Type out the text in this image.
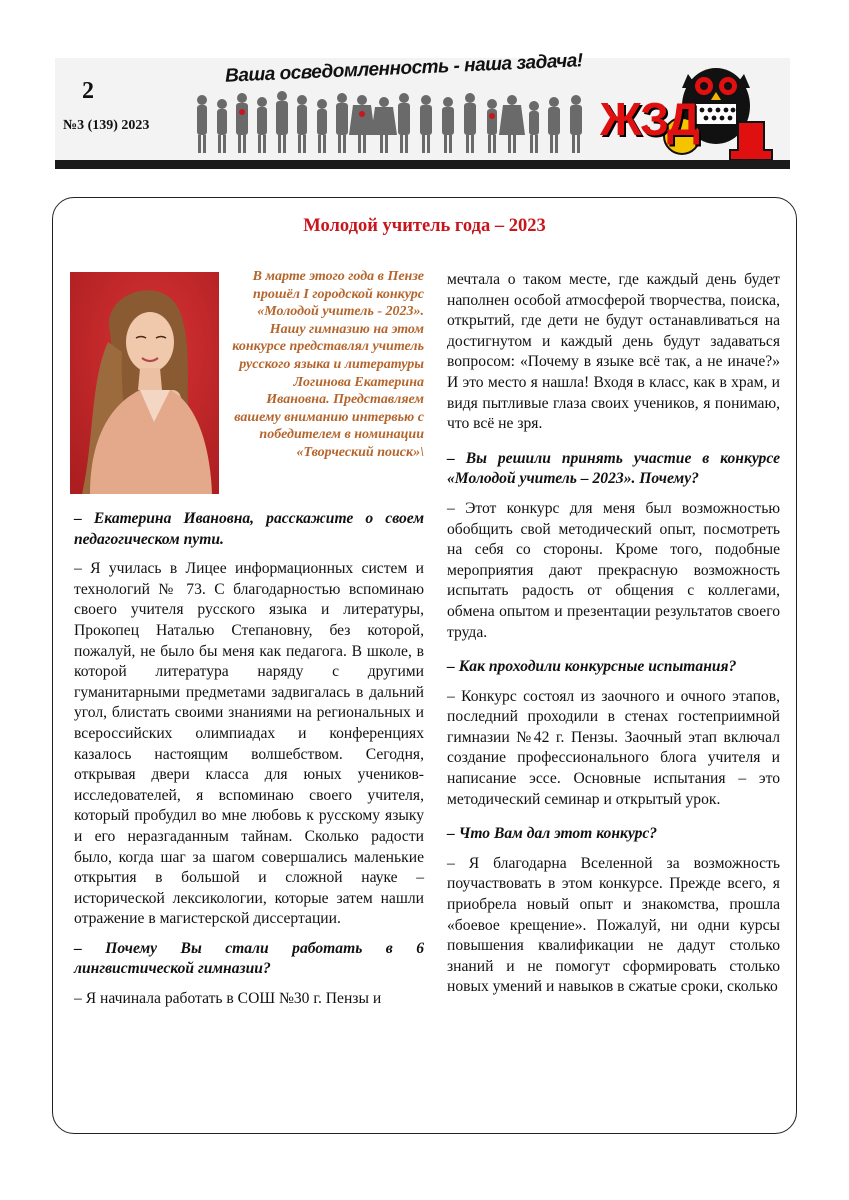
2
№3 (139) 2023
Ваша осведомленность - наша задача!
ЖЗД
Молодой учитель года – 2023
В марте этого года в Пензе прошёл I городской конкурс «Молодой учитель - 2023». Нашу гимназию на этом конкурсе представлял учитель русского языка и литературы Логинова Екатерина Ивановна. Представляем вашему вниманию интервью с победителем в номинации «Творческий поиск»\

– Екатерина Ивановна, расскажите о своем педагогическом пути.

– Я училась в Лицее информационных систем и технологий № 73. С благодарностью вспоминаю своего учителя русского языка и литературы, Прокопец Наталью Степановну, без которой, пожалуй, не было бы меня как педагога. В школе, в которой литература наряду с другими гуманитарными предметами задвигалась в дальний угол, блистать своими знаниями на региональных и всероссийских олимпиадах и конференциях казалось настоящим волшебством. Сегодня, открывая двери класса для юных учеников-исследователей, я вспоминаю своего учителя, который пробудил во мне любовь к русскому языку и его неразгаданным тайнам. Сколько радости было, когда шаг за шагом совершались маленькие открытия в большой и сложной науке – исторической лексикологии, которые затем нашли отражение в магистерской диссертации.

– Почему Вы стали работать в 6 лингвистической гимназии?

– Я начинала работать в СОШ №30 г. Пензы и

мечтала о таком месте, где каждый день будет наполнен особой атмосферой творчества, поиска, открытий, где дети не будут останавливаться на достигнутом и каждый день будут задаваться вопросом: «Почему в языке всё так, а не иначе?» И это место я нашла! Входя в класс, как в храм, и видя пытливые глаза своих учеников, я понимаю, что всё не зря.

– Вы решили принять участие в конкурсе «Молодой учитель – 2023». Почему?

– Этот конкурс для меня был возможностью обобщить свой методический опыт, посмотреть на себя со стороны. Кроме того, подобные мероприятия дают прекрасную возможность испытать радость от общения с коллегами, обмена опытом и презентации результатов своего труда.

– Как проходили конкурсные испытания?

– Конкурс состоял из заочного и очного этапов, последний проходили в стенах гостеприимной гимназии №42 г. Пензы. Заочный этап включал создание профессионального блога учителя и написание эссе. Основные испытания – это методический семинар и открытый урок.

– Что Вам дал этот конкурс?

– Я благодарна Вселенной за возможность поучаствовать в этом конкурсе. Прежде всего, я приобрела новый опыт и знакомства, прошла «боевое крещение». Пожалуй, ни одни курсы повышения квалификации не дадут столько знаний и не помогут сформировать столько новых умений и навыков в сжатые сроки, сколько
